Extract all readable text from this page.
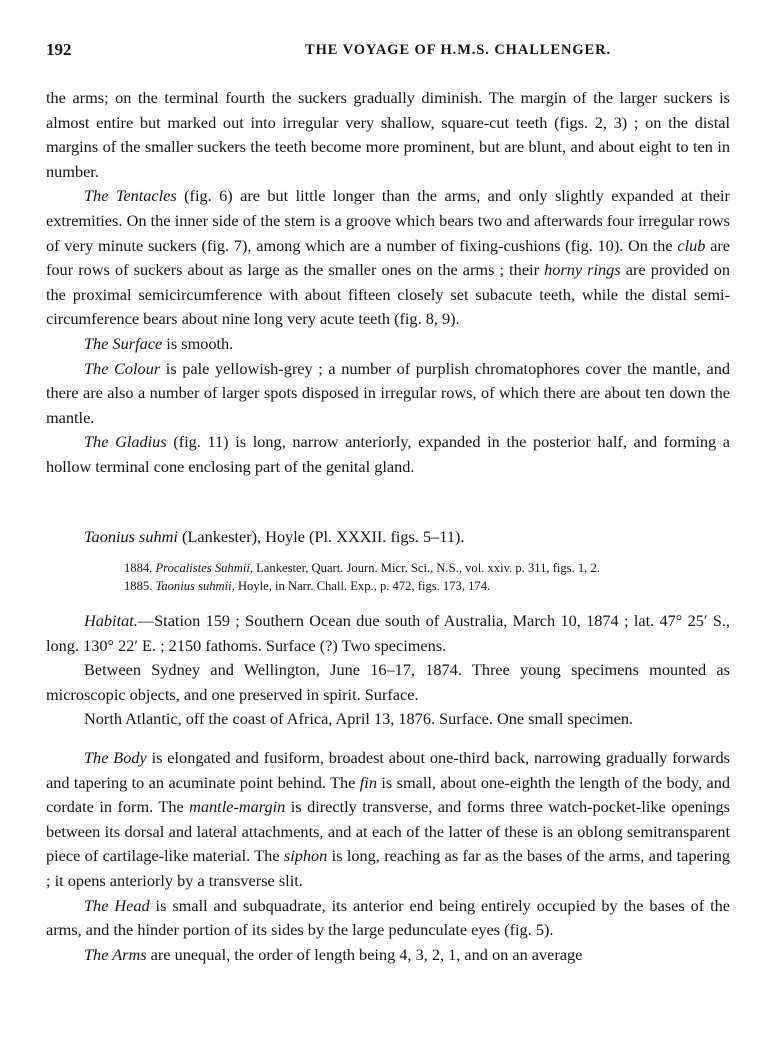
192	THE VOYAGE OF H.M.S. CHALLENGER.

the arms; on the terminal fourth the suckers gradually diminish. The margin of the larger suckers is almost entire but marked out into irregular very shallow, square-cut teeth (figs. 2, 3) ; on the distal margins of the smaller suckers the teeth become more prominent, but are blunt, and about eight to ten in number.

The Tentacles (fig. 6) are but little longer than the arms, and only slightly expanded at their extremities. On the inner side of the stem is a groove which bears two and afterwards four irregular rows of very minute suckers (fig. 7), among which are a number of fixing-cushions (fig. 10). On the club are four rows of suckers about as large as the smaller ones on the arms ; their horny rings are provided on the proximal semicircumference with about fifteen closely set subacute teeth, while the distal semi-circumference bears about nine long very acute teeth (fig. 8, 9).

The Surface is smooth.

The Colour is pale yellowish-grey ; a number of purplish chromatophores cover the mantle, and there are also a number of larger spots disposed in irregular rows, of which there are about ten down the mantle.

The Gladius (fig. 11) is long, narrow anteriorly, expanded in the posterior half, and forming a hollow terminal cone enclosing part of the genital gland.

Taonius suhmi (Lankester), Hoyle (Pl. XXXII. figs. 5–11).

1884. Procalistes Suhmii, Lankester, Quart. Journ. Micr. Sci., N.S., vol. xxiv. p. 311, figs. 1, 2.

1885. Taonius suhmii, Hoyle, in Narr. Chall. Exp., p. 472, figs. 173, 174.

Habitat.—Station 159 ; Southern Ocean due south of Australia, March 10, 1874 ; lat. 47° 25′ S., long. 130° 22′ E. ; 2150 fathoms. Surface (?) Two specimens.

Between Sydney and Wellington, June 16–17, 1874. Three young specimens mounted as microscopic objects, and one preserved in spirit. Surface.

North Atlantic, off the coast of Africa, April 13, 1876. Surface. One small specimen.

The Body is elongated and fusiform, broadest about one-third back, narrowing gradually forwards and tapering to an acuminate point behind. The fin is small, about one-eighth the length of the body, and cordate in form. The mantle-margin is directly transverse, and forms three watch-pocket-like openings between its dorsal and lateral attachments, and at each of the latter of these is an oblong semitransparent piece of cartilage-like material. The siphon is long, reaching as far as the bases of the arms, and tapering ; it opens anteriorly by a transverse slit.

The Head is small and subquadrate, its anterior end being entirely occupied by the bases of the arms, and the hinder portion of its sides by the large pedunculate eyes (fig. 5).

The Arms are unequal, the order of length being 4, 3, 2, 1, and on an average
